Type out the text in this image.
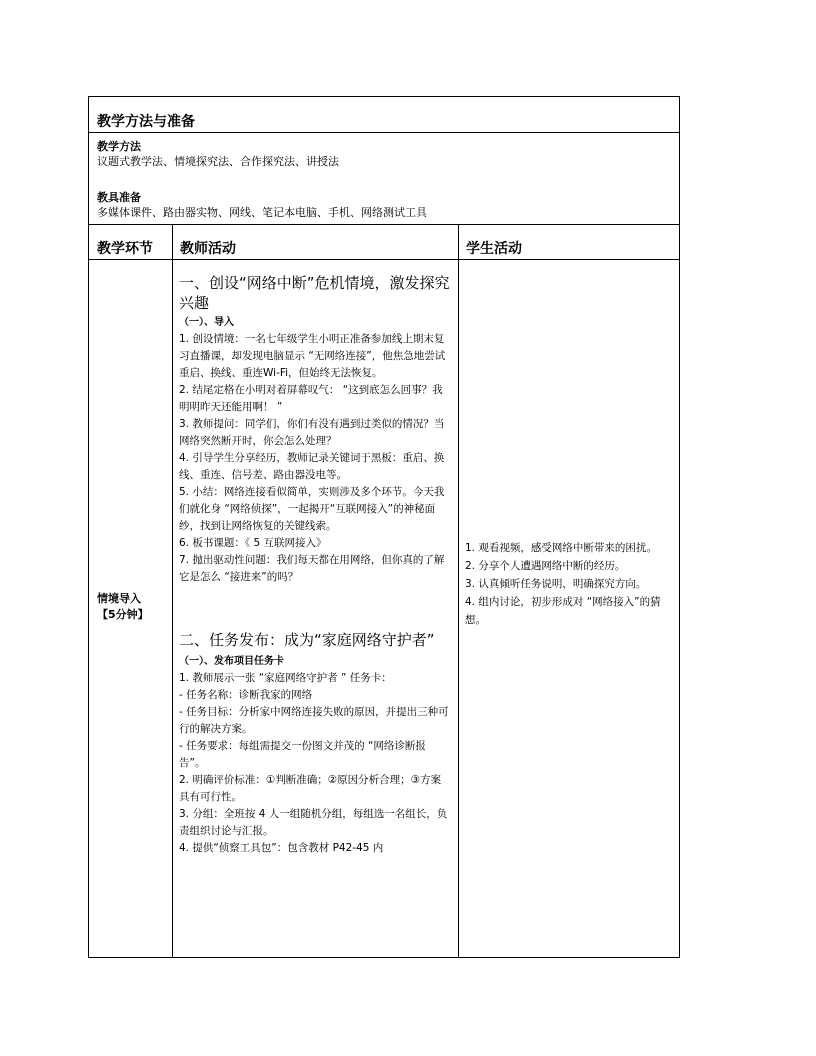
教学方法与准备
教学方法
议题式教学法、情境探究法、合作探究法、讲授法
教具准备
多媒体课件、路由器实物、网线、笔记本电脑、手机、网络测试工具
教学环节 教师活动	学生活动
情境导入
【5分钟】
一、创设“网络中断”危机情境，激发探究兴趣
（一）、导入
1. 创设情境：一名七年级学生小明正准备参加线上期末复习直播课，却发现电脑显示 “无网络连接”，他焦急地尝试重启、换线、重连Wi-Fi，但始终无法恢复。
2. 结尾定格在小明对着屏幕叹气： “这到底怎么回事？我明明昨天还能用啊！ ”
3. 教师提问：同学们，你们有没有遇到过类似的情况？当网络突然断开时，你会怎么处理？
4. 引导学生分享经历，教师记录关键词于黑板：重启、换线、重连、信号差、路由器没电等。
5. 小结：网络连接看似简单，实则涉及多个环节。今天我们就化身 “网络侦探”，一起揭开“互联网接入”的神秘面纱，找到让网络恢复的关键线索。
6. 板书课题：《 5 互联网接入》
7. 抛出驱动性问题：我们每天都在用网络，但你真的了解它是怎么 “接进来”的吗？
二、任务发布：成为“家庭网络守护者”
（一）、发布项目任务卡
1. 教师展示一张 “家庭网络守护者 ” 任务卡：
- 任务名称：诊断我家的网络
- 任务目标：分析家中网络连接失败的原因，并提出三种可行的解决方案。
- 任务要求：每组需提交一份图文并茂的 “网络诊断报告”。
2. 明确评价标准：①判断准确；②原因分析合理；③方案具有可行性。
3. 分组：全班按 4 人一组随机分组，每组选一名组长，负责组织讨论与汇报。
4. 提供“侦察工具包”：包含教材 P42-45 内
1. 观看视频，感受网络中断带来的困扰。
2. 分享个人遭遇网络中断的经历。
3. 认真倾听任务说明，明确探究方向。
4. 组内讨论，初步形成对 “网络接入”的猜想。
